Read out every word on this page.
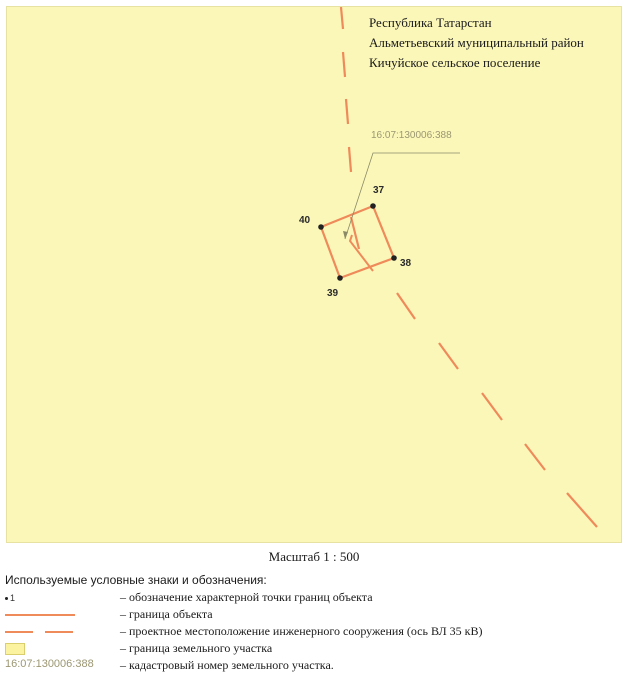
16:07:130006:388
37
38
39
40
Республика Татарстан
Альметьевский муниципальный район
Кичуйское сельское поселение
Масштаб 1 : 500
Используемые условные знаки и обозначения:
1	– обозначение характерной точки границ объекта
– граница объекта
– проектное местоположение инженерного сооружения (ось ВЛ 35 кВ)
– граница земельного участка
16:07:130006:388 – кадастровый номер земельного участка.
